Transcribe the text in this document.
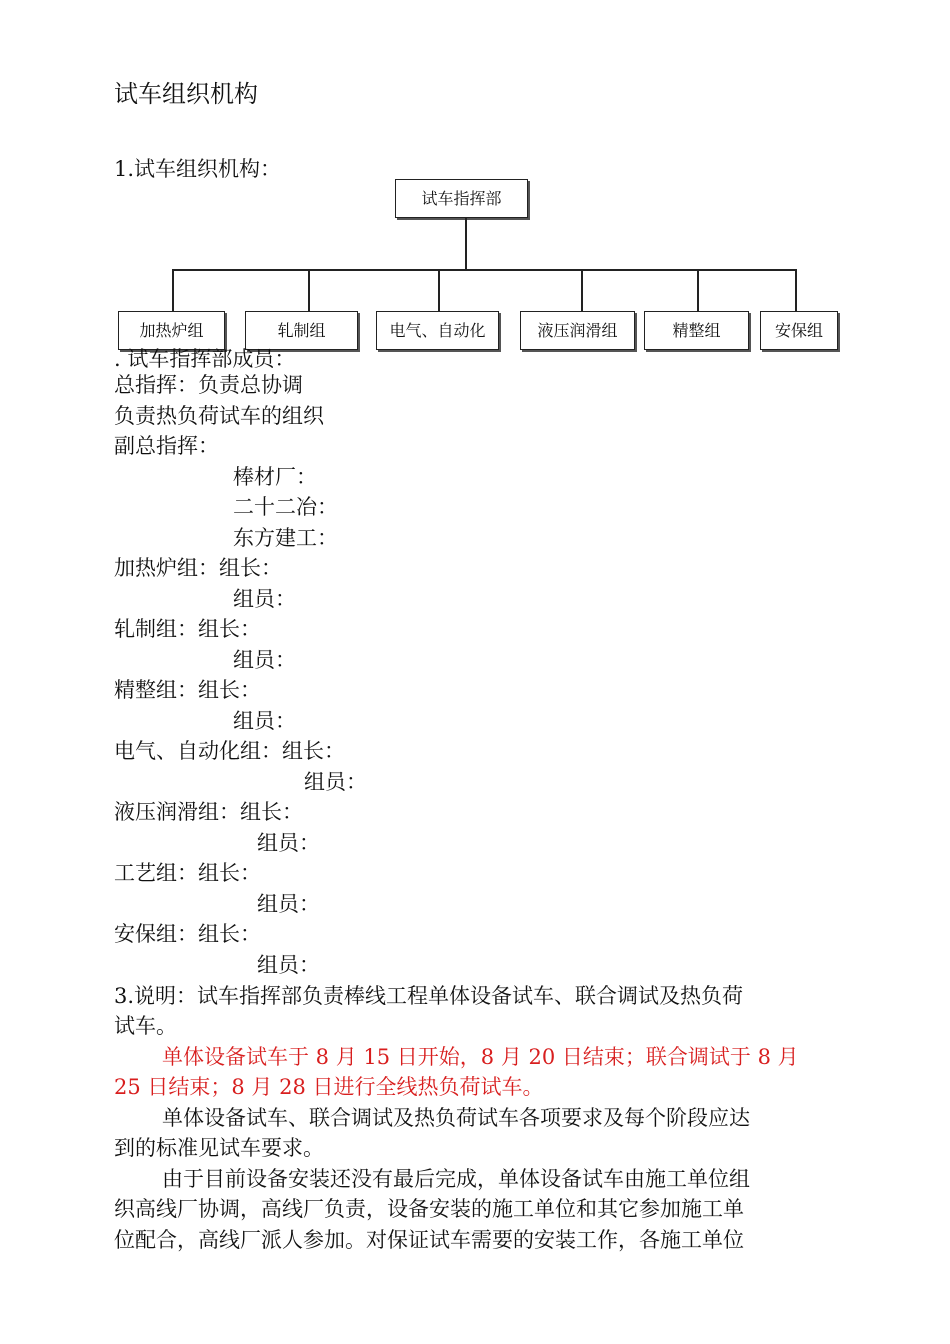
试车组织机构
1.试车组织机构：
试车指挥部
加热炉组	轧制组	电气、自动化	液压润滑组	精整组	安保组
. 试车指挥部成员：
总指挥：负责总协调
负责热负荷试车的组织
副总指挥：
棒材厂：
二十二冶：
东方建工：
加热炉组：组长：
组员：
轧制组：组长：
组员：
精整组：组长：
组员：
电气、自动化组：组长：
组员：
液压润滑组：组长：
组员：
工艺组：组长：
组员：
安保组：组长：
组员：
3.说明：试车指挥部负责棒线工程单体设备试车、联合调试及热负荷
试车。
单体设备试车于 8 月 15 日开始，8 月 20 日结束；联合调试于 8 月
25 日结束；8 月 28 日进行全线热负荷试车。
单体设备试车、联合调试及热负荷试车各项要求及每个阶段应达
到的标准见试车要求。
由于目前设备安装还没有最后完成，单体设备试车由施工单位组
织高线厂协调，高线厂负责，设备安装的施工单位和其它参加施工单
位配合，高线厂派人参加。对保证试车需要的安装工作，各施工单位
